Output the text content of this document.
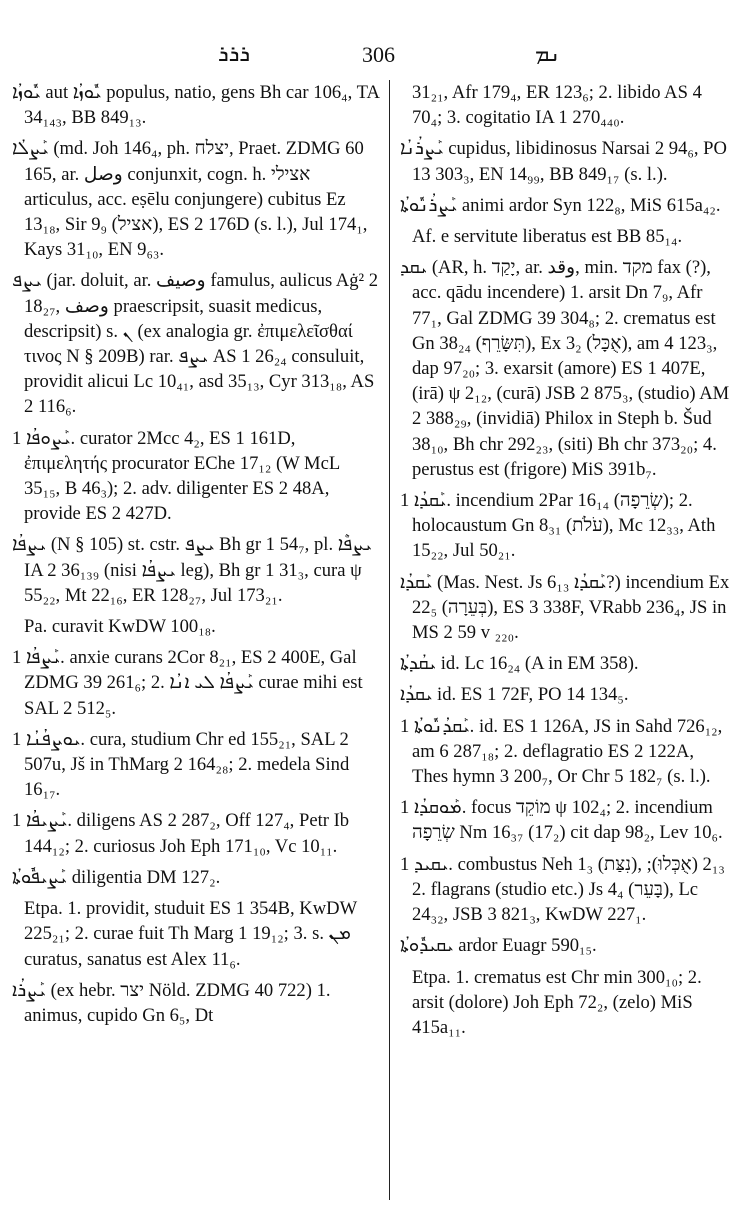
ܪܪܪ	306	ܢܡ

ܝܽܘܙܳܐ aut ܝܽܘܙܳܐ populus, natio, gens Bh car 106₄, TA 34₁₄₃, BB 849₁₃.

ܝܰܨܠܳܐ (md. Joh 146₄, ph. יצלח, Praet. ZDMG 60 165, ar. وصل conjunxit, cogn. h. אצילי articulus, acc. eṣēlu conjungere) cubitus Ez 13₁₈, Sir 9₉ (אציל), ES 2 176D (s. l.), Jul 174₁, Kays 31₁₀, EN 9₆₃.

ܝܨܦ (jar. doluit, ar. وصيف famulus, aulicus Aġ² 2 18₂₇, وصف praescripsit, suasit medicus, descripsit) s. ܢ (ex analogia gr. ἐπιμελεῖσθαί τινος N § 209B) rar. ܝܨܦ AS 1 26₂₄ consuluit, providit alicui Lc 10₄₁, asd 35₁₃, Cyr 313₁₈, AS 2 116₆.

ܝܰܨܘܦܳܐ 1. curator 2Mcc 4₂, ES 1 161D, ἐπιμελητής procurator EChe 17₁₂ (W McL 35₁₅, B 46₃); 2. adv. diligenter ES 2 48A, provide ES 2 427D.

ܝܨܦܳܐ (N § 105) st. cstr. ܝܨܦ Bh gr 1 54₇, pl. ܝܨܦܶܐ IA 2 36₁₃₉ (nisi ܝܨܦܳܐ leg), Bh gr 1 31₃, cura ψ 55₂₂, Mt 22₁₆, ER 128₂₇, Jul 173₂₁.

Pa. curavit KwDW 100₁₈.

ܝܰܨܦܳܐ 1. anxie curans 2Cor 8₂₁, ES 2 400E, Gal ZDMG 39 261₆; 2. ܝܰܨܦܳܐ ܠܝ ܐܢܳܐ curae mihi est SAL 2 512₅.

ܝܘܨܦܳܢܳܐ 1. cura, studium Chr ed 155₂₁, SAL 2 507u, Jš in ThMarg 2 164₂₈; 2. medela Sind 16₁₇.

ܝܰܨܝܦܳܐ 1. diligens AS 2 287₂, Off 127₄, Petr Ib 144₁₂; 2. curiosus Joh Eph 171₁₀, Vc 10₁₁.

ܝܰܨܝܦܽܘܬܳܐ diligentia DM 127₂.

Etpa. 1. providit, studuit ES 1 354B, KwDW 225₂₁; 2. curae fuit Th Marg 1 19₁₂; 3. s. ܡܢ curatus, sanatus est Alex 11₆.

ܝܰܨܪܳܐ (ex hebr. יצר Nöld. ZDMG 40 722) 1. animus, cupido Gn 6₅, Dt

31₂₁, Afr 179₄, ER 123₆; 2. libido AS 4 70₄; 3. cogitatio IA 1 270₄₄₀.

ܝܰܨܪܳܢܳܐ cupidus, libidinosus Narsai 2 94₆, PO 13 303₃, EN 14₉₉, BB 849₁₇ (s. l.).

ܝܰܨܪܳܢܽܘܬܳܐ animi ardor Syn 122₈, MiS 615a₄₂.

Af. e servitute liberatus est BB 85₁₄.

ܝܩܕ (AR, h. יָקַד, ar. وقد, min. מקד fax (?), acc. qādu incendere) 1. arsit Dn 7₉, Afr 77₁, Gal ZDMG 39 304₈; 2. crematus est Gn 38₂₄ (תִּשָּׂרֵף), Ex 3₂ (אֻכָּל), am 4 123₃, dap 97₂₀; 3. exarsit (amore) ES 1 407E, (irā) ψ 2₁₂, (curā) JSB 2 875₃, (studio) AM 2 388₂₉, (invidiā) Philox in Steph b. Šud 38₁₀, Bh chr 292₂₃, (siti) Bh chr 373₂₀; 4. perustus est (frigore) MiS 391b₇.

ܝܰܩܕܳܐ 1. incendium 2Par 16₁₄ (שְׂרֵפָה); 2. holocaustum Gn 8₃₁ (עֹלֹת), Mc 12₃₃, Ath 15₂₂, Jul 50₂₁.

ܝܰܩܕܳܐ (Mas. Nest. Js 6₁₃ ܝܰܩܕܳܐ?) incendium Ex 22₅ (בְּעֵרָה), ES 3 338F, VRabb 236₄, JS in MS 2 59 v ₂₂₀.

ܝܩܳܕܬܳܐ id. Lc 16₂₄ (A in EM 358).

ܝܩܕܳܐ id. ES 1 72F, PO 14 134₅.

ܝܰܩܕܳܢܽܘܬܳܐ 1. id. ES 1 126A, JS in Sahd 726₁₂, am 6 287₁₈; 2. deflagratio ES 2 122A, Thes hymn 3 200₇, Or Chr 5 182₇ (s. l.).

ܡܰܘܩܕܳܐ 1. focus מוֹקֵד ψ 102₄; 2. incendium שְׂרֵפָה Nm 16₃₇ (17₂) cit dap 98₂, Lev 10₆.

ܝܩܝܕ 1. combustus Neh 1₃ (נִצַּת), 2₁₃ (אֻכְּלוּ); 2. flagrans (studio etc.) Js 4₄ (בָּעֵר), Lc 24₃₂, JSB 3 821₃, KwDW 227₁.

ܝܩܝܕܽܘܬܳܐ ardor Euagr 590₁₅.

Etpa. 1. crematus est Chr min 300₁₀; 2. arsit (dolore) Joh Eph 72₂, (zelo) MiS 415a₁₁.
